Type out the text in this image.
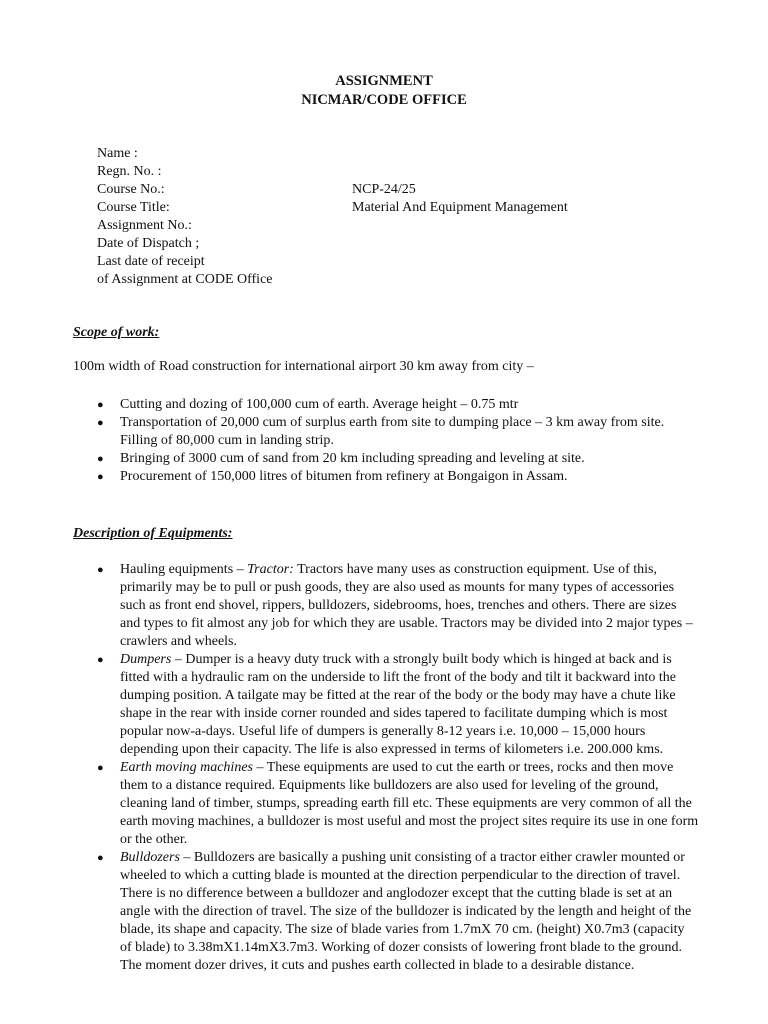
ASSIGNMENT
NICMAR/CODE OFFICE
Name :
Regn. No. :
Course No.:	NCP-24/25
Course Title:	Material And Equipment Management
Assignment No.:
Date of Dispatch ;
Last date of receipt
of Assignment at CODE Office
Scope of work:
100m width of Road construction for international airport 30 km away from city –
● Cutting and dozing of 100,000 cum of earth. Average height – 0.75 mtr
● Transportation of 20,000 cum of surplus earth from site to dumping place – 3 km away from site. Filling of 80,000 cum in landing strip.
● Bringing of 3000 cum of sand from 20 km including spreading and leveling at site.
● Procurement of 150,000 litres of bitumen from refinery at Bongaigon in Assam.
Description of Equipments:
● Hauling equipments – Tractor: Tractors have many uses as construction equipment. Use of this, primarily may be to pull or push goods, they are also used as mounts for many types of accessories such as front end shovel, rippers, bulldozers, sidebrooms, hoes, trenches and others. There are sizes and types to fit almost any job for which they are usable. Tractors may be divided into 2 major types – crawlers and wheels.
● Dumpers – Dumper is a heavy duty truck with a strongly built body which is hinged at back and is fitted with a hydraulic ram on the underside to lift the front of the body and tilt it backward into the dumping position. A tailgate may be fitted at the rear of the body or the body may have a chute like shape in the rear with inside corner rounded and sides tapered to facilitate dumping which is most popular now-a-days. Useful life of dumpers is generally 8-12 years i.e. 10,000 – 15,000 hours depending upon their capacity. The life is also expressed in terms of kilometers i.e. 200.000 kms.
● Earth moving machines – These equipments are used to cut the earth or trees, rocks and then move them to a distance required. Equipments like bulldozers are also used for leveling of the ground, cleaning land of timber, stumps, spreading earth fill etc. These equipments are very common of all the earth moving machines, a bulldozer is most useful and most the project sites require its use in one form or the other.
● Bulldozers – Bulldozers are basically a pushing unit consisting of a tractor either crawler mounted or wheeled to which a cutting blade is mounted at the direction perpendicular to the direction of travel. There is no difference between a bulldozer and anglodozer except that the cutting blade is set at an angle with the direction of travel. The size of the bulldozer is indicated by the length and height of the blade, its shape and capacity. The size of blade varies from 1.7mX 70 cm. (height) X0.7m3 (capacity of blade) to 3.38mX1.14mX3.7m3. Working of dozer consists of lowering front blade to the ground. The moment dozer drives, it cuts and pushes earth collected in blade to a desirable distance.
